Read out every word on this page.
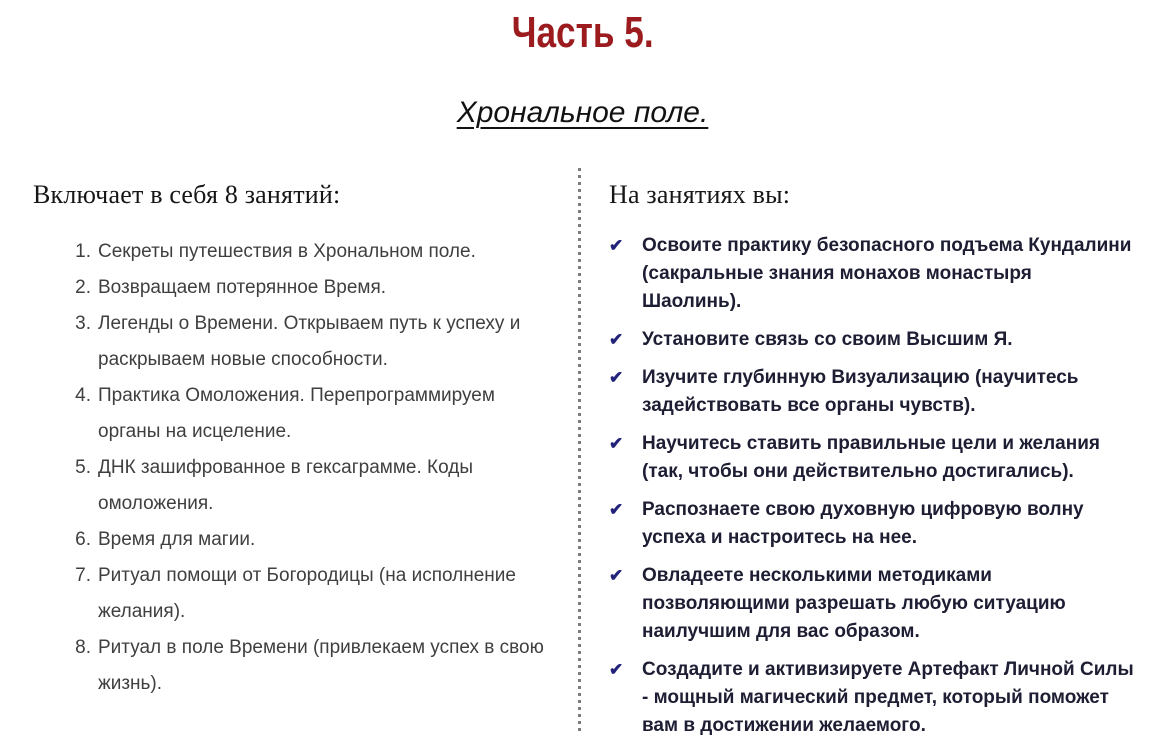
Часть 5.
Хрональное поле.
Включает в себя 8 занятий:
1. Секреты путешествия в Хрональном поле.
2. Возвращаем потерянное Время.
3. Легенды о Времени. Открываем путь к успеху и раскрываем новые способности.
4. Практика Омоложения. Перепрограммируем органы на исцеление.
5. ДНК зашифрованное в гексаграмме. Коды омоложения.
6. Время для магии.
7. Ритуал помощи от Богородицы (на исполнение желания).
8. Ритуал в поле Времени (привлекаем успех в свою жизнь).
На занятиях вы:
✔ Освоите практику безопасного подъема Кундалини (сакральные знания монахов монастыря Шаолинь).
✔ Установите связь со своим Высшим Я.
✔ Изучите глубинную Визуализацию (научитесь задействовать все органы чувств).
✔ Научитесь ставить правильные цели и желания (так, чтобы они действительно достигались).
✔ Распознаете свою духовную цифровую волну успеха и настроитесь на нее.
✔ Овладеете несколькими методиками позволяющими разрешать любую ситуацию наилучшим для вас образом.
✔ Создадите и активизируете Артефакт Личной Силы - мощный магический предмет, который поможет вам в достижении желаемого.
